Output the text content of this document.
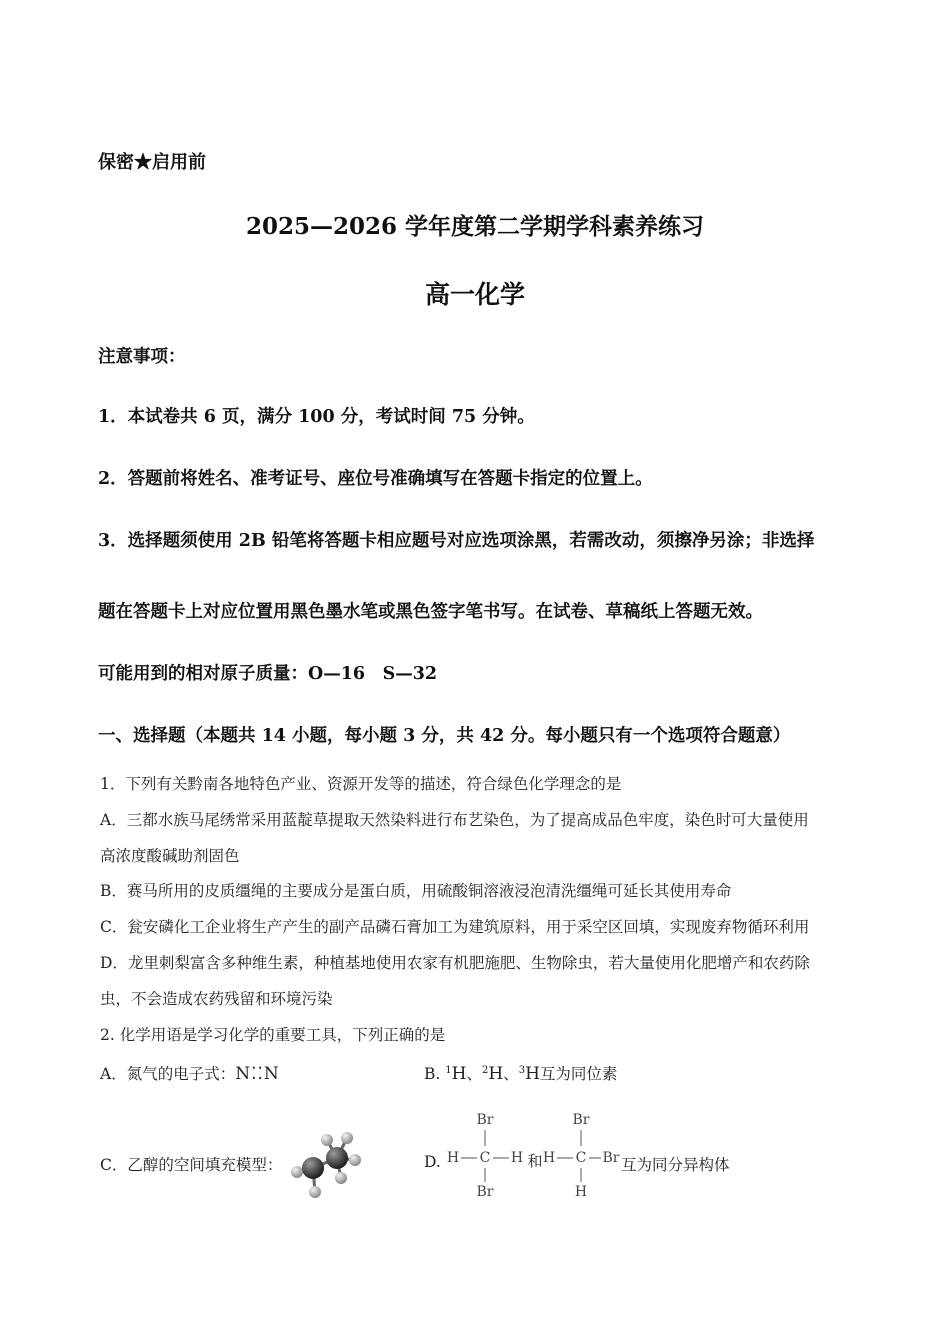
保密★启用前
2025—2026 学年度第二学期学科素养练习
高一化学
注意事项：
1．本试卷共 6 页，满分 100 分，考试时间 75 分钟。
2．答题前将姓名、准考证号、座位号准确填写在答题卡指定的位置上。
3．选择题须使用 2B 铅笔将答题卡相应题号对应选项涂黑，若需改动，须擦净另涂；非选择
题在答题卡上对应位置用黑色墨水笔或黑色签字笔书写。在试卷、草稿纸上答题无效。
可能用到的相对原子质量：O—16　S—32
一、选择题（本题共 14 小题，每小题 3 分，共 42 分。每小题只有一个选项符合题意）
1．下列有关黔南各地特色产业、资源开发等的描述，符合绿色化学理念的是
A．三都水族马尾绣常采用蓝靛草提取天然染料进行布艺染色，为了提高成品色牢度，染色时可大量使用
高浓度酸碱助剂固色
B．赛马所用的皮质缰绳的主要成分是蛋白质，用硫酸铜溶液浸泡清洗缰绳可延长其使用寿命
C．瓮安磷化工企业将生产产生的副产品磷石膏加工为建筑原料，用于采空区回填，实现废弃物循环利用
D．龙里刺梨富含多种维生素，种植基地使用农家有机肥施肥、生物除虫，若大量使用化肥增产和农药除
虫，不会造成农药残留和环境污染
2. 化学用语是学习化学的重要工具，下列正确的是
A．氮气的电子式：N⁚⁚N	B. $^1$H、$^2$H、$^3$H互为同位素
C．乙醇的空间填充模型：	D.
Br
H C H
Br
和
Br
H C Br
H
互为同分异构体
